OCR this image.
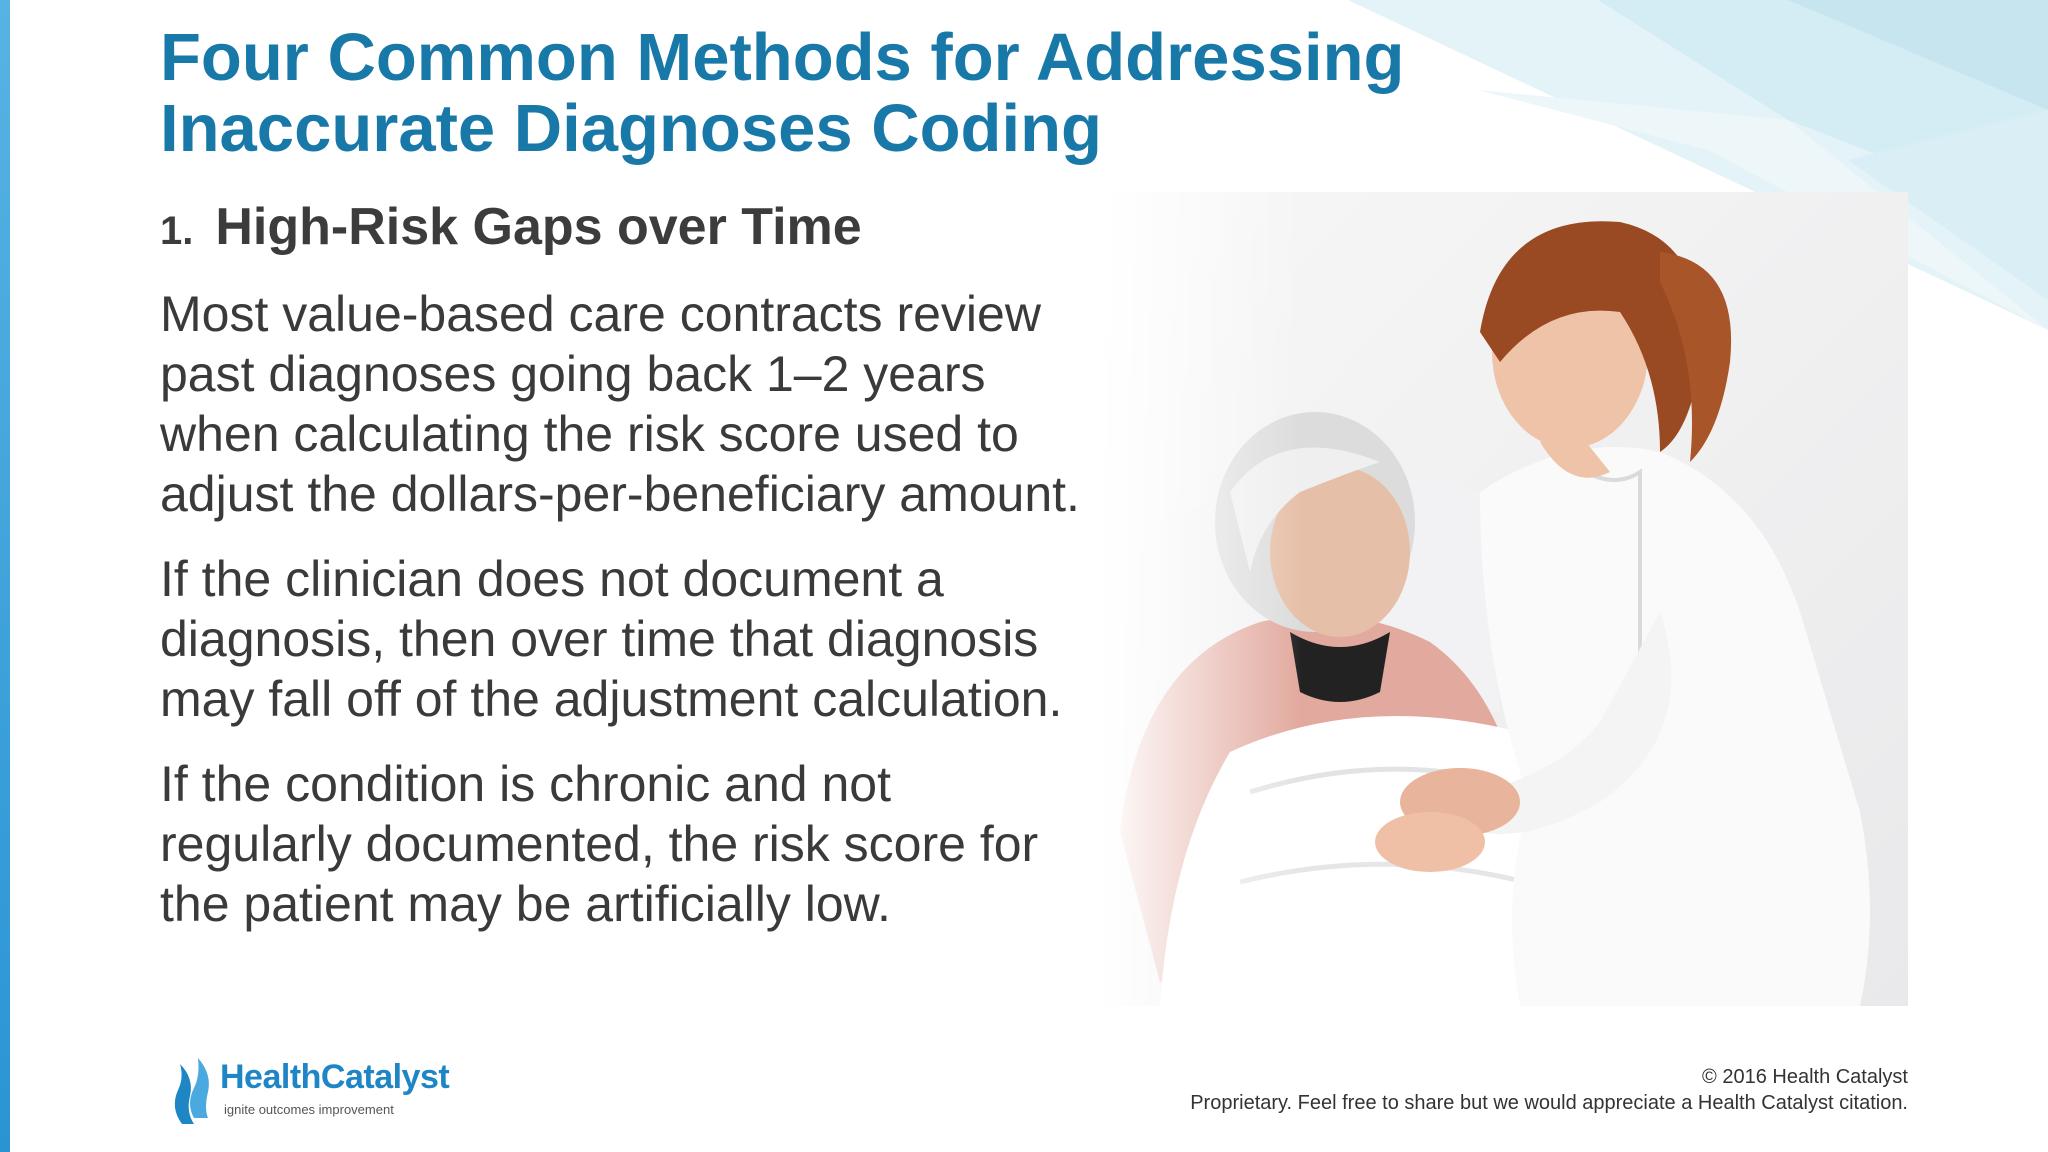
Four Common Methods for Addressing
Inaccurate Diagnoses Coding
1. High-Risk Gaps over Time

Most value-based care contracts review
past diagnoses going back 1–2 years
when calculating the risk score used to
adjust the dollars-per-beneficiary amount.

If the clinician does not document a
diagnosis, then over time that diagnosis
may fall off of the adjustment calculation.

If the condition is chronic and not
regularly documented, the risk score for
the patient may be artificially low.

HealthCatalyst
ignite outcomes improvement
© 2016 Health Catalyst
Proprietary. Feel free to share but we would appreciate a Health Catalyst citation.
